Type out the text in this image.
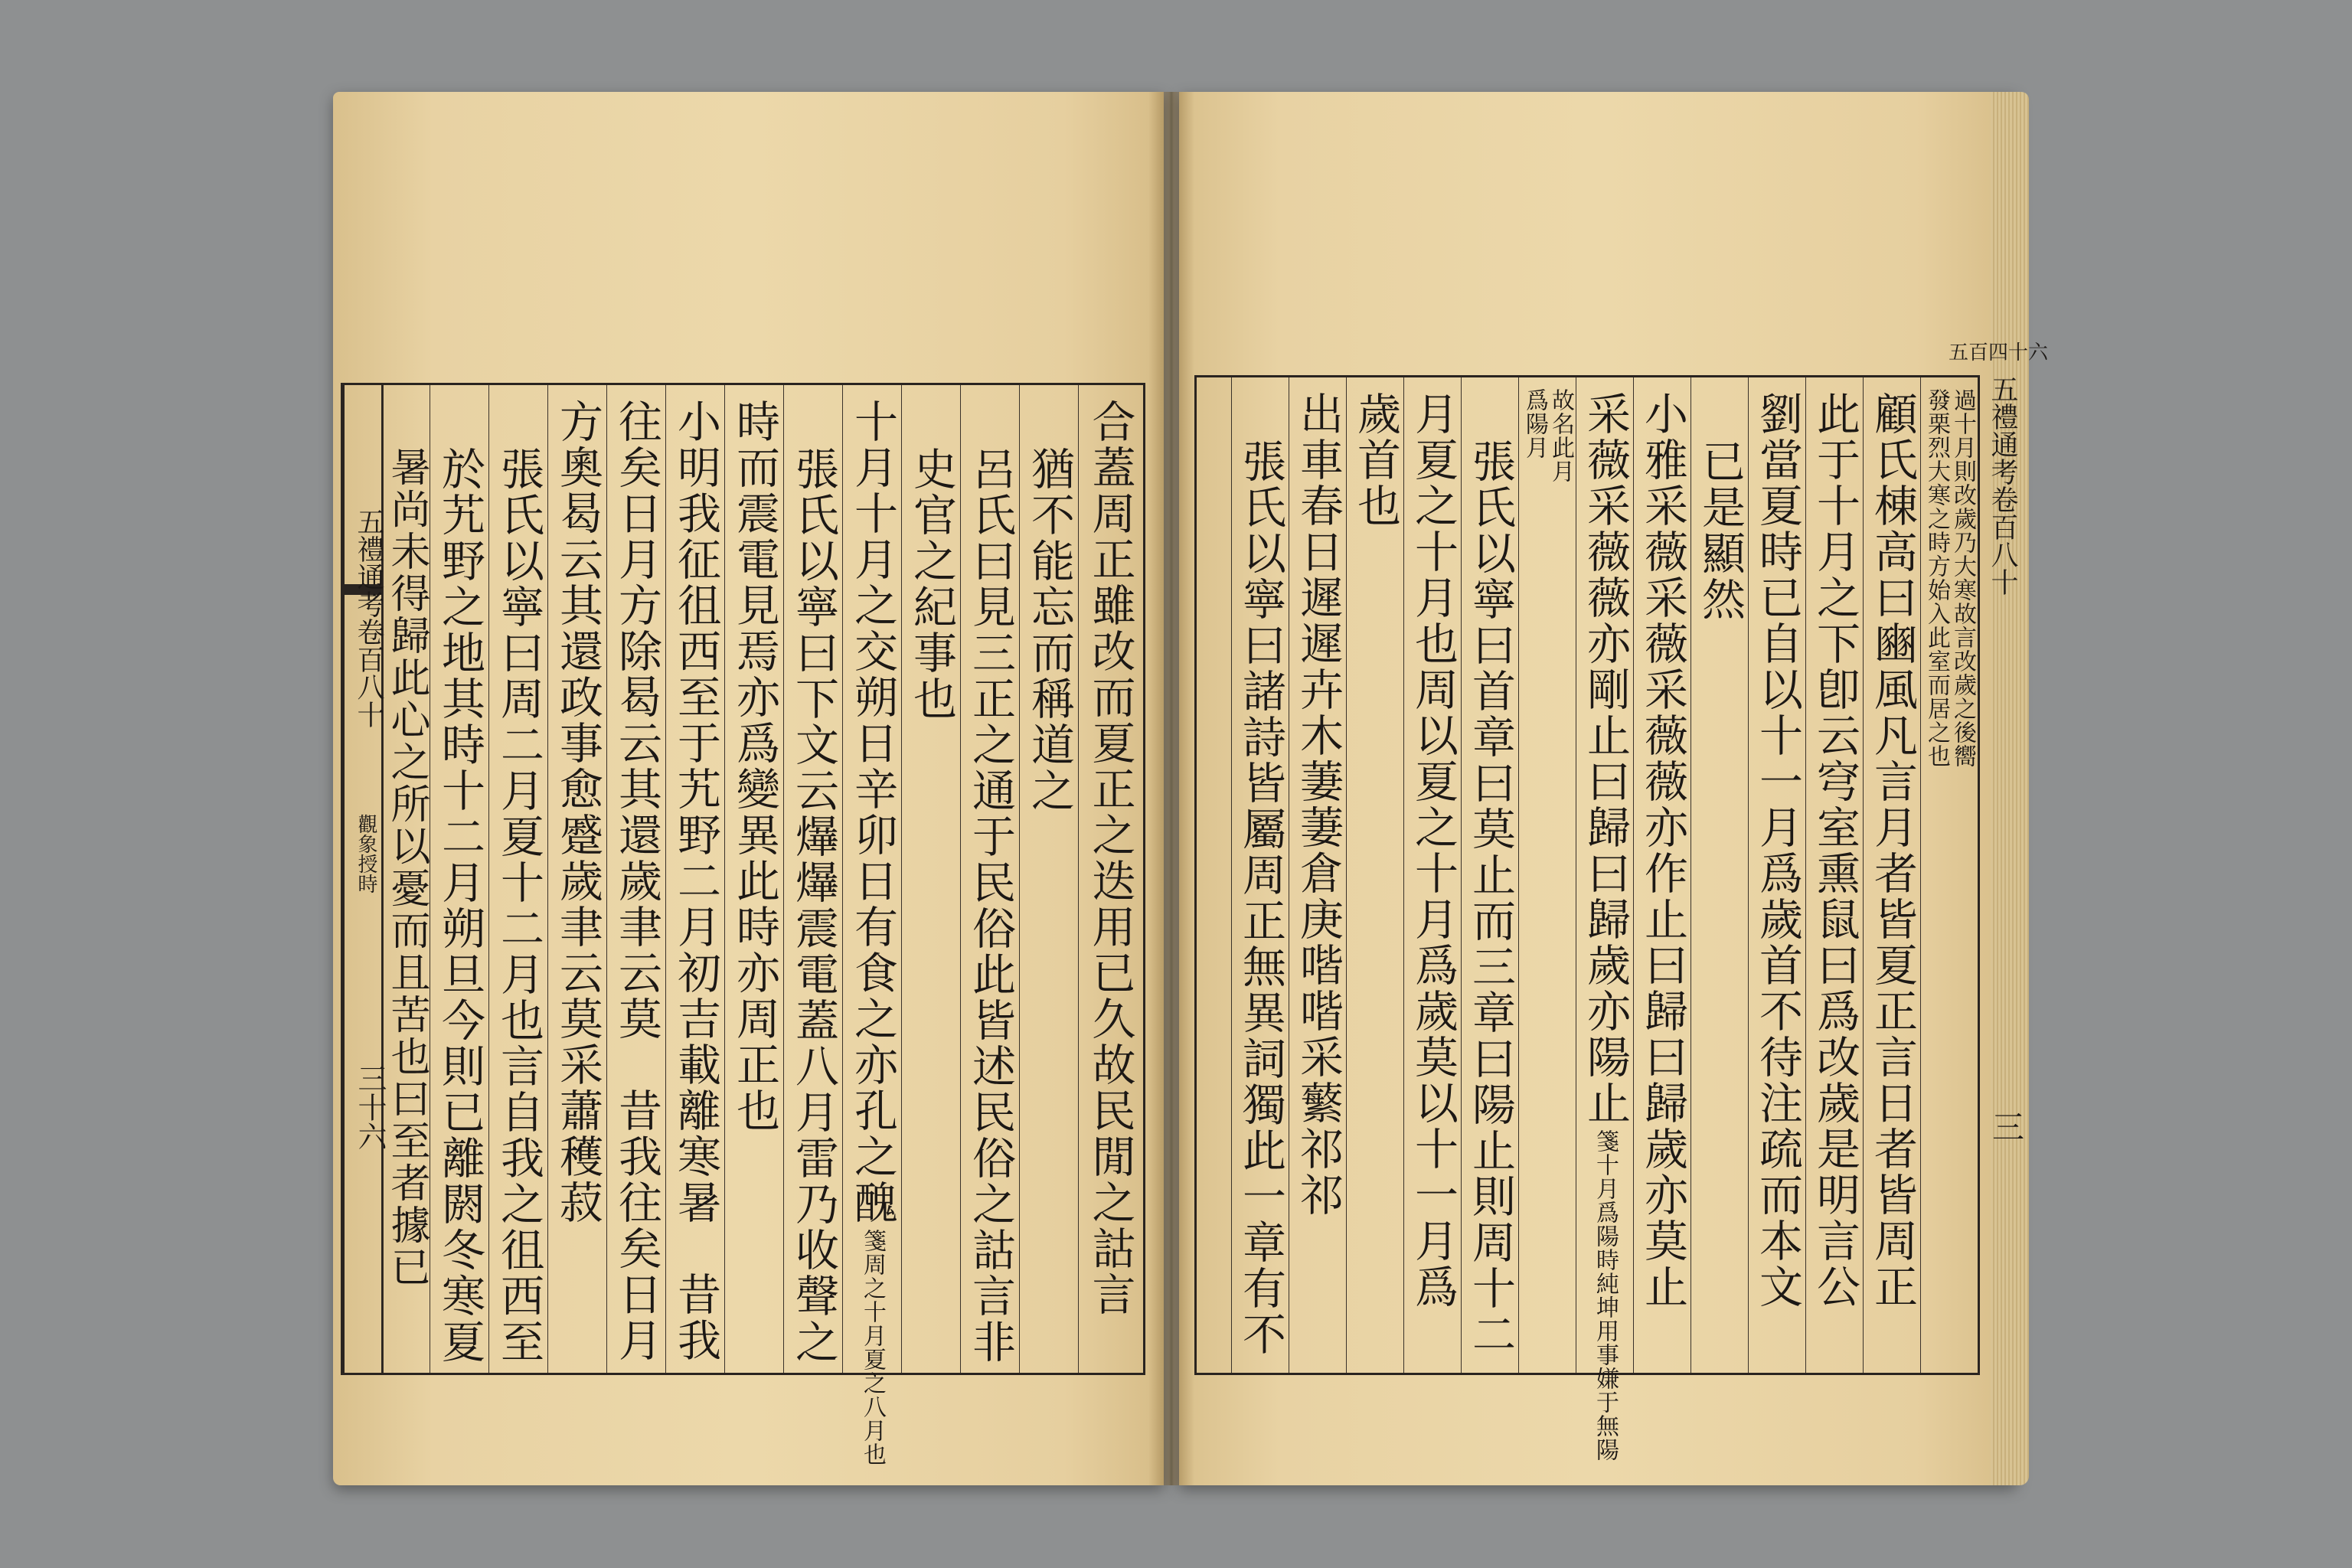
五禮通考卷百八十
觀象授時
三十六	合蓋周正雖改而夏正之迭用已久故民閒之詁言
猶不能忘而稱道之
呂氏曰見三正之通于民俗此皆述民俗之詁言非
史官之紀事也
十月十月之交朔日辛卯日有食之亦孔之醜
箋周之十月夏之八月也
張氏以寧曰下文云爗爗震電蓋八月雷乃收聲之
時而震電見焉亦爲變異此時亦周正也
小明我征徂西至于艽野二月初吉載離寒暑　昔我
往矣日月方除曷云其還歲聿云莫　昔我往矣日月
方奧曷云其還政事愈蹙歲聿云莫采蕭穫菽
張氏以寧曰周二月夏十二月也言自我之徂西至
於艽野之地其時十二月朔旦今則已離閼冬寒夏
暑尚未得歸此心之所以憂而且苦也曰至者據已	過十月則改歲乃大寒故言改歲之後嚮
發栗烈大寒之時方始入此室而居之也
顧氏棟高曰豳風凡言月者皆夏正言日者皆周正
此于十月之下卽云穹室熏鼠曰爲改歲是明言公
劉當夏時已自以十一月爲歲首不待注疏而本文
已是顯然
小雅采薇采薇采薇薇亦作止曰歸曰歸歲亦莫止
采薇采薇薇亦剛止曰歸曰歸歲亦陽止
箋十月爲陽時純坤用事嫌于無陽
故名此月
爲陽月
張氏以寧曰首章曰莫止而三章曰陽止則周十二
月夏之十月也周以夏之十月爲歲莫以十一月爲
歲首也
出車春日遲遲卉木萋萋倉庚喈喈采蘩祁祁
張氏以寧曰諸詩皆屬周正無異詞獨此一章有不	五禮通考卷百八十
三
五百四十六
